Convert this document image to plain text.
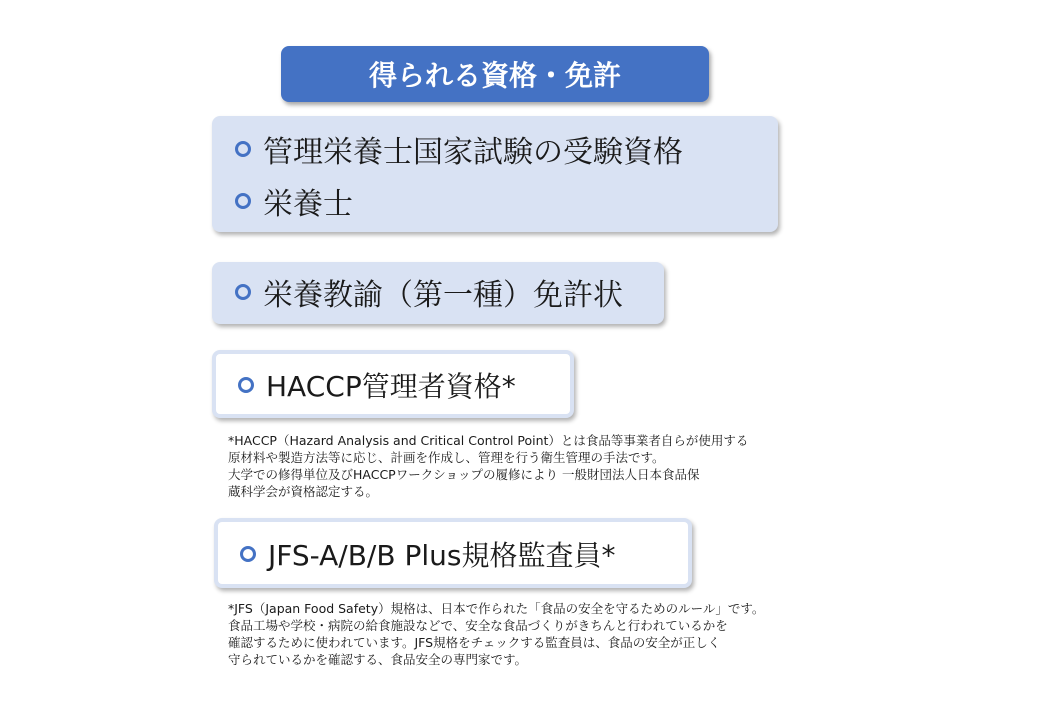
得られる資格・免許
管理栄養士国家試験の受験資格
栄養士
栄養教諭（第一種）免許状
HACCP管理者資格*
*HACCP（Hazard Analysis and Critical Control Point）とは食品等事業者自らが使用する
原材料や製造方法等に応じ、計画を作成し、管理を行う衛生管理の手法です。
大学での修得単位及びHACCPワークショップの履修により 一般財団法人日本食品保
蔵科学会が資格認定する。
JFS-A/B/B Plus規格監査員*
*JFS（Japan Food Safety）規格は、日本で作られた「食品の安全を守るためのルール」です。
食品工場や学校・病院の給食施設などで、安全な食品づくりがきちんと行われているかを
確認するために使われています。JFS規格をチェックする監査員は、食品の安全が正しく
守られているかを確認する、食品安全の専門家です。
